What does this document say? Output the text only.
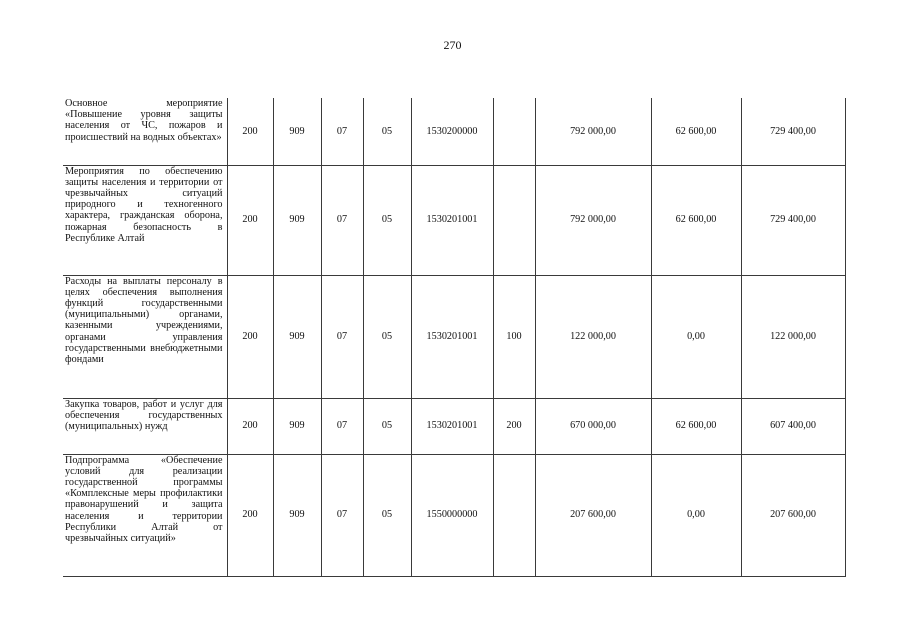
270
Основное мероприятие «Повышение уровня защиты населения от ЧС, пожаров и происшествий на водных объектах»	200	909	07	05	1530200000		792 000,00	62 600,00	729 400,00
Мероприятия по обеспечению защиты населения и территории от чрезвычайных ситуаций природного и техногенного характера, гражданская оборона, пожарная безопасность в Республике Алтай	200	909	07	05	1530201001		792 000,00	62 600,00	729 400,00
Расходы на выплаты персоналу в целях обеспечения выполнения функций государственными (муниципальными) органами, казенными учреждениями, органами управления государственными внебюджетными фондами	200	909	07	05	1530201001	100	122 000,00	0,00	122 000,00
Закупка товаров, работ и услуг для обеспечения государственных (муниципальных) нужд	200	909	07	05	1530201001	200	670 000,00	62 600,00	607 400,00
Подпрограмма «Обеспечение условий для реализации государственной программы «Комплексные меры профилактики правонарушений и защита населения и территории Республики Алтай от чрезвычайных ситуаций»	200	909	07	05	1550000000		207 600,00	0,00	207 600,00
